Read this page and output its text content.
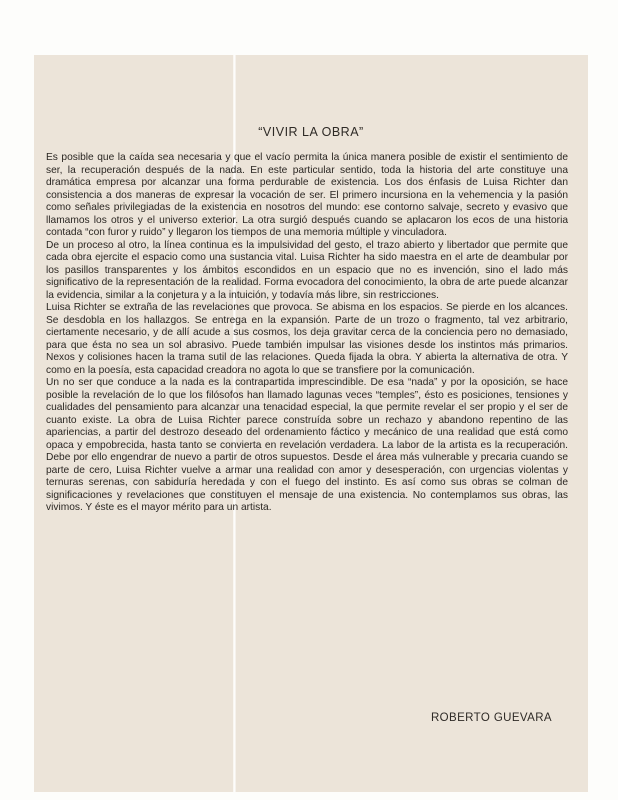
“VIVIR LA OBRA”

Es posible que la caída sea necesaria y que el vacío permita la única manera posible de existir el sentimiento de ser, la recuperación después de la nada. En este particular sentido, toda la historia del arte constituye una dramática empresa por alcanzar una forma perdurable de existencia. Los dos énfasis de Luisa Richter dan consistencia a dos maneras de expresar la vocación de ser. El primero incursiona en la vehemencia y la pasión como señales privilegiadas de la existencia en nosotros del mundo: ese contorno salvaje, secreto y evasivo que llamamos los otros y el universo exterior. La otra surgió después cuando se aplacaron los ecos de una historia contada “con furor y ruido” y llegaron los tiempos de una memoria múltiple y vinculadora.

De un proceso al otro, la línea continua es la impulsividad del gesto, el trazo abierto y libertador que permite que cada obra ejercite el espacio como una sustancia vital. Luisa Richter ha sido maestra en el arte de deambular por los pasillos transparentes y los ámbitos escondidos en un espacio que no es invención, sino el lado más significativo de la representación de la realidad. Forma evocadora del conocimiento, la obra de arte puede alcanzar la evidencia, similar a la conjetura y a la intuición, y todavía más libre, sin restricciones.

Luisa Richter se extraña de las revelaciones que provoca. Se abisma en los espacios. Se pierde en los alcances. Se desdobla en los hallazgos. Se entrega en la expansión. Parte de un trozo o fragmento, tal vez arbitrario, ciertamente necesario, y de allí acude a sus cosmos, los deja gravitar cerca de la conciencia pero no demasiado, para que ésta no sea un sol abrasivo. Puede también impulsar las visiones desde los instintos más primarios. Nexos y colisiones hacen la trama sutil de las relaciones. Queda fijada la obra. Y abierta la alternativa de otra. Y como en la poesía, esta capacidad creadora no agota lo que se transfiere por la comunicación.

Un no ser que conduce a la nada es la contrapartida imprescindible. De esa “nada” y por la oposición, se hace posible la revelación de lo que los filósofos han llamado lagunas veces “temples”, ésto es posiciones, tensiones y cualidades del pensamiento para alcanzar una tenacidad especial, la que permite revelar el ser propio y el ser de cuanto existe. La obra de Luisa Richter parece construída sobre un rechazo y abandono repentino de las apariencias, a partir del destrozo deseado del ordenamiento fáctico y mecánico de una realidad que está como opaca y empobrecida, hasta tanto se convierta en revelación verdadera. La labor de la artista es la recuperación. Debe por ello engendrar de nuevo a partir de otros supuestos. Desde el área más vulnerable y precaria cuando se parte de cero, Luisa Richter vuelve a armar una realidad con amor y desesperación, con urgencias violentas y ternuras serenas, con sabiduría heredada y con el fuego del instinto. Es así como sus obras se colman de significaciones y revelaciones que constituyen el mensaje de una existencia. No contemplamos sus obras, las vivimos. Y éste es el mayor mérito para un artista.

ROBERTO GUEVARA
